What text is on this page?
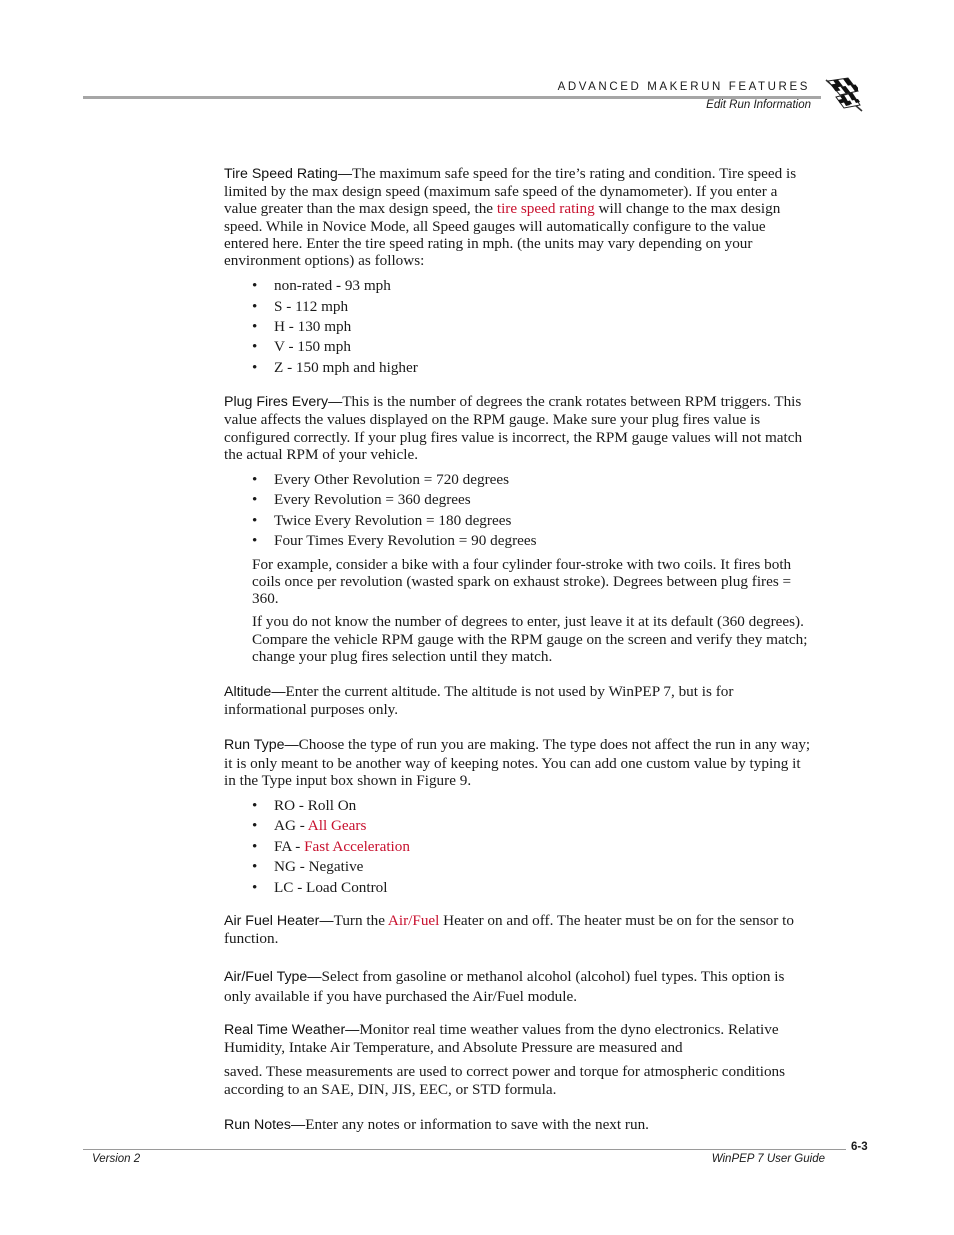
ADVANCED MAKERUN FEATURES
Edit Run Information

Tire Speed Rating—The maximum safe speed for the tire’s rating and condition. Tire speed is limited by the max design speed (maximum safe speed of the dynamometer). If you enter a value greater than the max design speed, the tire speed rating will change to the max design speed. While in Novice Mode, all Speed gauges will automatically configure to the value entered here. Enter the tire speed rating in mph. (the units may vary depending on your environment options) as follows:

• non-rated - 93 mph
• S - 112 mph
• H - 130 mph
• V - 150 mph
• Z - 150 mph and higher

Plug Fires Every—This is the number of degrees the crank rotates between RPM triggers. This value affects the values displayed on the RPM gauge. Make sure your plug fires value is configured correctly. If your plug fires value is incorrect, the RPM gauge values will not match the actual RPM of your vehicle.

• Every Other Revolution = 720 degrees
• Every Revolution = 360 degrees
• Twice Every Revolution = 180 degrees
• Four Times Every Revolution = 90 degrees

For example, consider a bike with a four cylinder four-stroke with two coils. It fires both coils once per revolution (wasted spark on exhaust stroke). Degrees between plug fires = 360.

If you do not know the number of degrees to enter, just leave it at its default (360 degrees). Compare the vehicle RPM gauge with the RPM gauge on the screen and verify they match; change your plug fires selection until they match.

Altitude—Enter the current altitude. The altitude is not used by WinPEP 7, but is for informational purposes only.

Run Type—Choose the type of run you are making. The type does not affect the run in any way; it is only meant to be another way of keeping notes. You can add one custom value by typing it in the Type input box shown in Figure 9.

• RO - Roll On
• AG - All Gears
• FA - Fast Acceleration
• NG - Negative
• LC - Load Control

Air Fuel Heater—Turn the Air/Fuel Heater on and off. The heater must be on for the sensor to function.

Air/Fuel Type—Select from gasoline or methanol alcohol (alcohol) fuel types. This option is only available if you have purchased the Air/Fuel module.

Real Time Weather—Monitor real time weather values from the dyno electronics. Relative Humidity, Intake Air Temperature, and Absolute Pressure are measured and

saved. These measurements are used to correct power and torque for atmospheric conditions according to an SAE, DIN, JIS, EEC, or STD formula.

Run Notes—Enter any notes or information to save with the next run.

6-3
Version 2	WinPEP 7 User Guide
